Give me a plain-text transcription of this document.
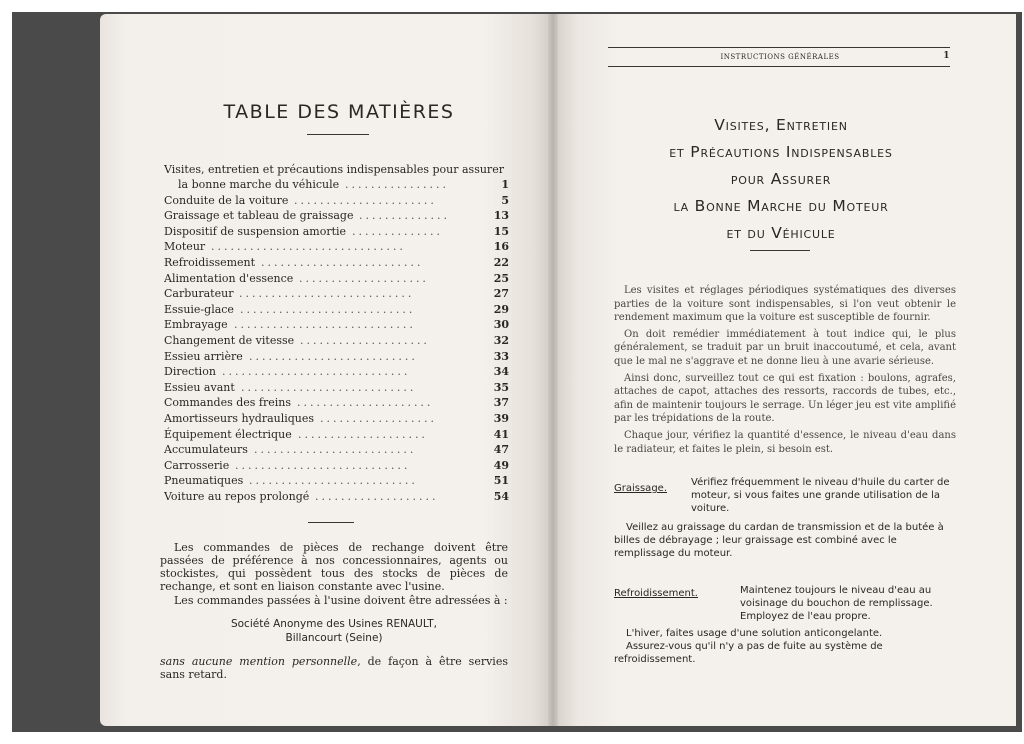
TABLE DES MATIÈRES
Visites, entretien et précautions indispensables pour assurer
la bonne marche du véhicule ................	1
Conduite de la voiture ......................	5
Graissage et tableau de graissage ..............	13
Dispositif de suspension amortie ..............	15
Moteur ..............................	16
Refroidissement .........................	22
Alimentation d'essence ....................	25
Carburateur ...........................	27
Essuie-glace ...........................	29
Embrayage ............................	30
Changement de vitesse ....................	32
Essieu arrière ..........................	33
Direction .............................	34
Essieu avant ...........................	35
Commandes des freins .....................	37
Amortisseurs hydrauliques ..................	39
Équipement électrique ....................	41
Accumulateurs .........................	47
Carrosserie ...........................	49
Pneumatiques ..........................	51
Voiture au repos prolongé ...................	54

Les commandes de pièces de rechange doivent être passées de préférence à nos concessionnaires, agents ou stockistes, qui possèdent tous des stocks de pièces de rechange, et sont en liaison constante avec l'usine.

Les commandes passées à l'usine doivent être adressées à :

Société Anonyme des Usines RENAULT,
Billancourt (Seine)
sans aucune mention personnelle, de façon à être servies sans retard.
INSTRUCTIONS GÉNÉRALES	1
Visites, Entretien
et Précautions Indispensables
pour Assurer
la Bonne Marche du Moteur
et du Véhicule

Les visites et réglages périodiques systématiques des diverses parties de la voiture sont indispensables, si l'on veut obtenir le rendement maximum que la voiture est susceptible de fournir.

On doit remédier immédiatement à tout indice qui, le plus généralement, se traduit par un bruit inaccoutumé, et cela, avant que le mal ne s'aggrave et ne donne lieu à une avarie sérieuse.

Ainsi donc, surveillez tout ce qui est fixation : boulons, agrafes, attaches de capot, attaches des ressorts, raccords de tubes, etc., afin de maintenir toujours le serrage. Un léger jeu est vite amplifié par les trépidations de la route.

Chaque jour, vérifiez la quantité d'essence, le niveau d'eau dans le radiateur, et faites le plein, si besoin est.

Graissage.
Vérifiez fréquemment le niveau d'huile du carter de moteur, si vous faites une grande utilisation de la voiture.

Veillez au graissage du cardan de transmission et de la butée à billes de débrayage ; leur graissage est combiné avec le remplissage du moteur.

Refroidissement.	Maintenez toujours le niveau d'eau au voisinage du bouchon de remplissage. Employez de l'eau propre.

L'hiver, faites usage d'une solution anticongelante.

Assurez-vous qu'il n'y a pas de fuite au système de refroidissement.
